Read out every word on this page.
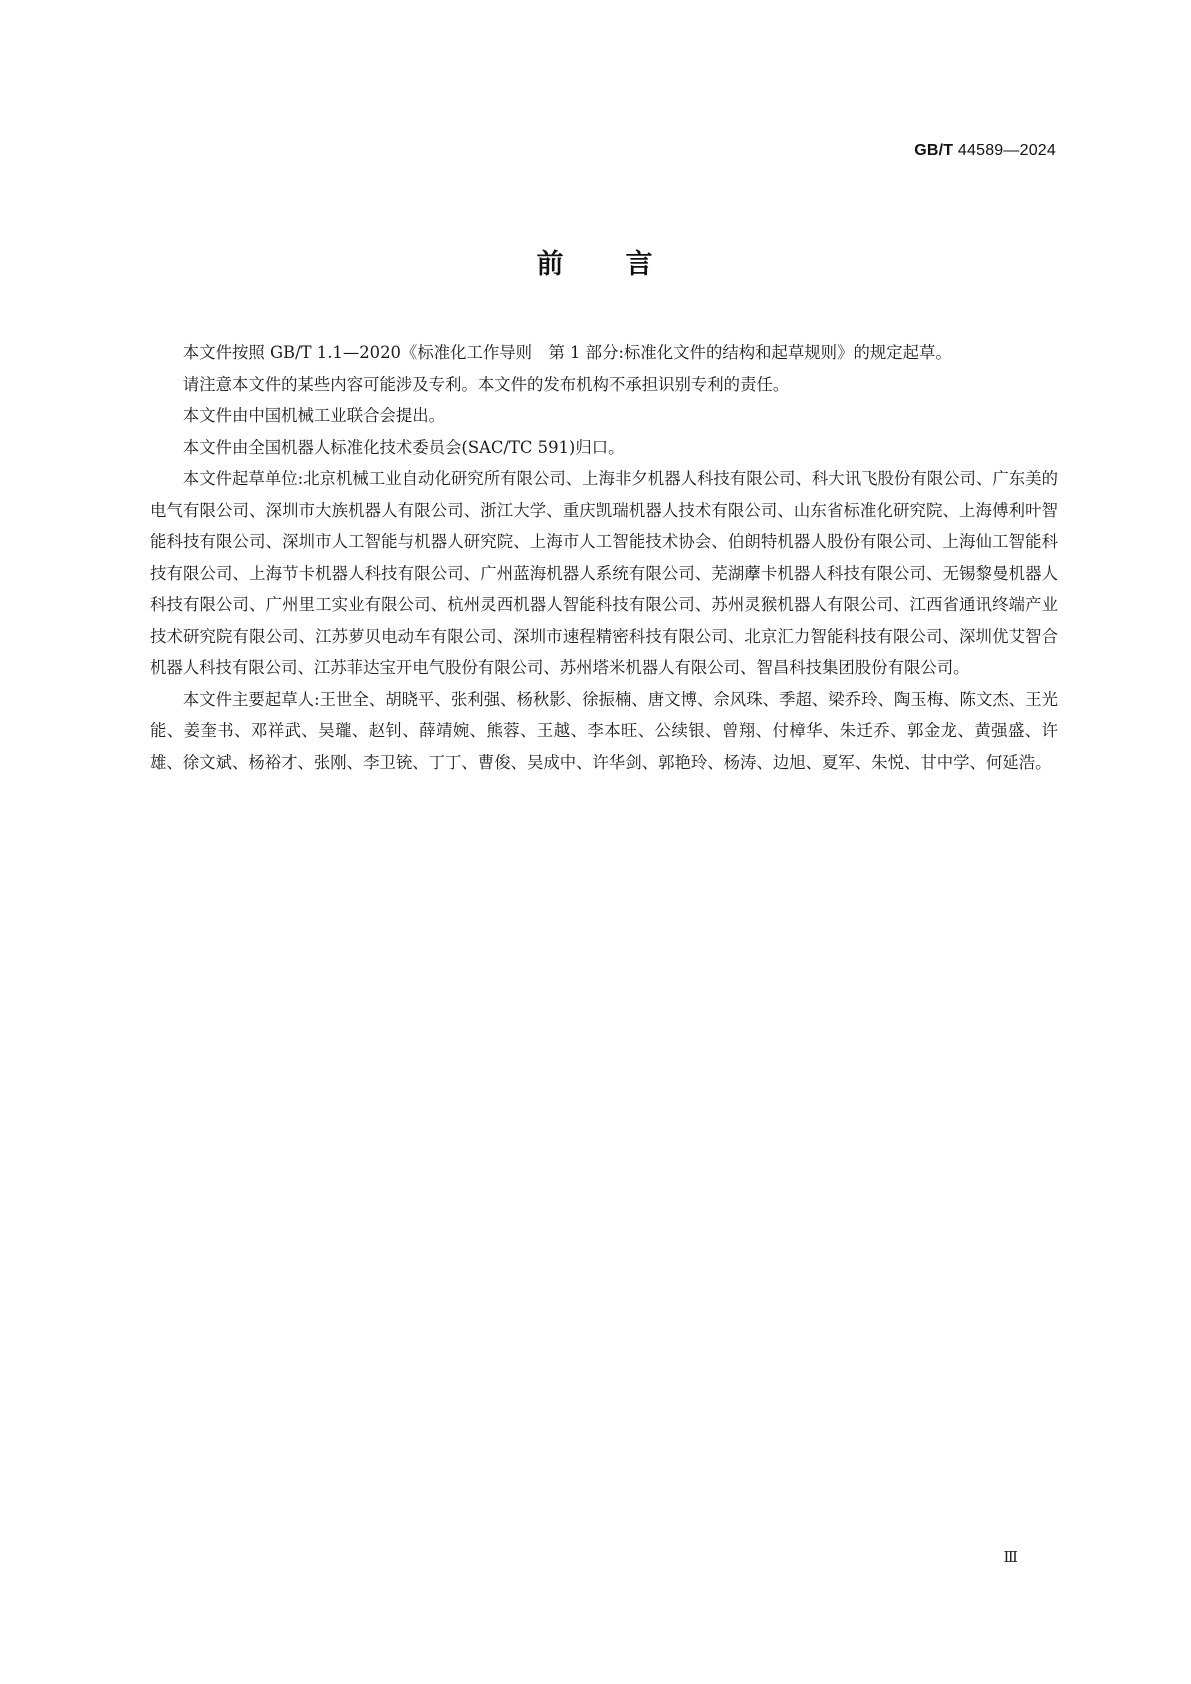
GB/T 44589—2024
前 言

本文件按照 GB/T 1.1—2020《标准化工作导则　第 1 部分:标准化文件的结构和起草规则》的规定起草。

请注意本文件的某些内容可能涉及专利。本文件的发布机构不承担识别专利的责任。

本文件由中国机械工业联合会提出。

本文件由全国机器人标准化技术委员会(SAC/TC 591)归口。

本文件起草单位:北京机械工业自动化研究所有限公司、上海非夕机器人科技有限公司、科大讯飞股份有限公司、广东美的电气有限公司、深圳市大族机器人有限公司、浙江大学、重庆凯瑞机器人技术有限公司、山东省标准化研究院、上海傅利叶智能科技有限公司、深圳市人工智能与机器人研究院、上海市人工智能技术协会、伯朗特机器人股份有限公司、上海仙工智能科技有限公司、上海节卡机器人科技有限公司、广州蓝海机器人系统有限公司、芜湖藦卡机器人科技有限公司、无锡黎曼机器人科技有限公司、广州里工实业有限公司、杭州灵西机器人智能科技有限公司、苏州灵猴机器人有限公司、江西省通讯终端产业技术研究院有限公司、江苏萝贝电动车有限公司、深圳市速程精密科技有限公司、北京汇力智能科技有限公司、深圳优艾智合机器人科技有限公司、江苏菲达宝开电气股份有限公司、苏州塔米机器人有限公司、智昌科技集团股份有限公司。

本文件主要起草人:王世全、胡晓平、张利强、杨秋影、徐振楠、唐文博、佘风珠、季超、梁乔玲、陶玉梅、陈文杰、王光能、姜奎书、邓祥武、吴瓏、赵钊、薛靖婉、熊蓉、王越、李本旺、公续银、曾翔、付樟华、朱迁乔、郭金龙、黄强盛、许雄、徐文斌、杨裕才、张刚、李卫铳、丁丁、曹俊、吴成中、许华剑、郭艳玲、杨涛、边旭、夏军、朱悦、甘中学、何延浩。

Ⅲ
